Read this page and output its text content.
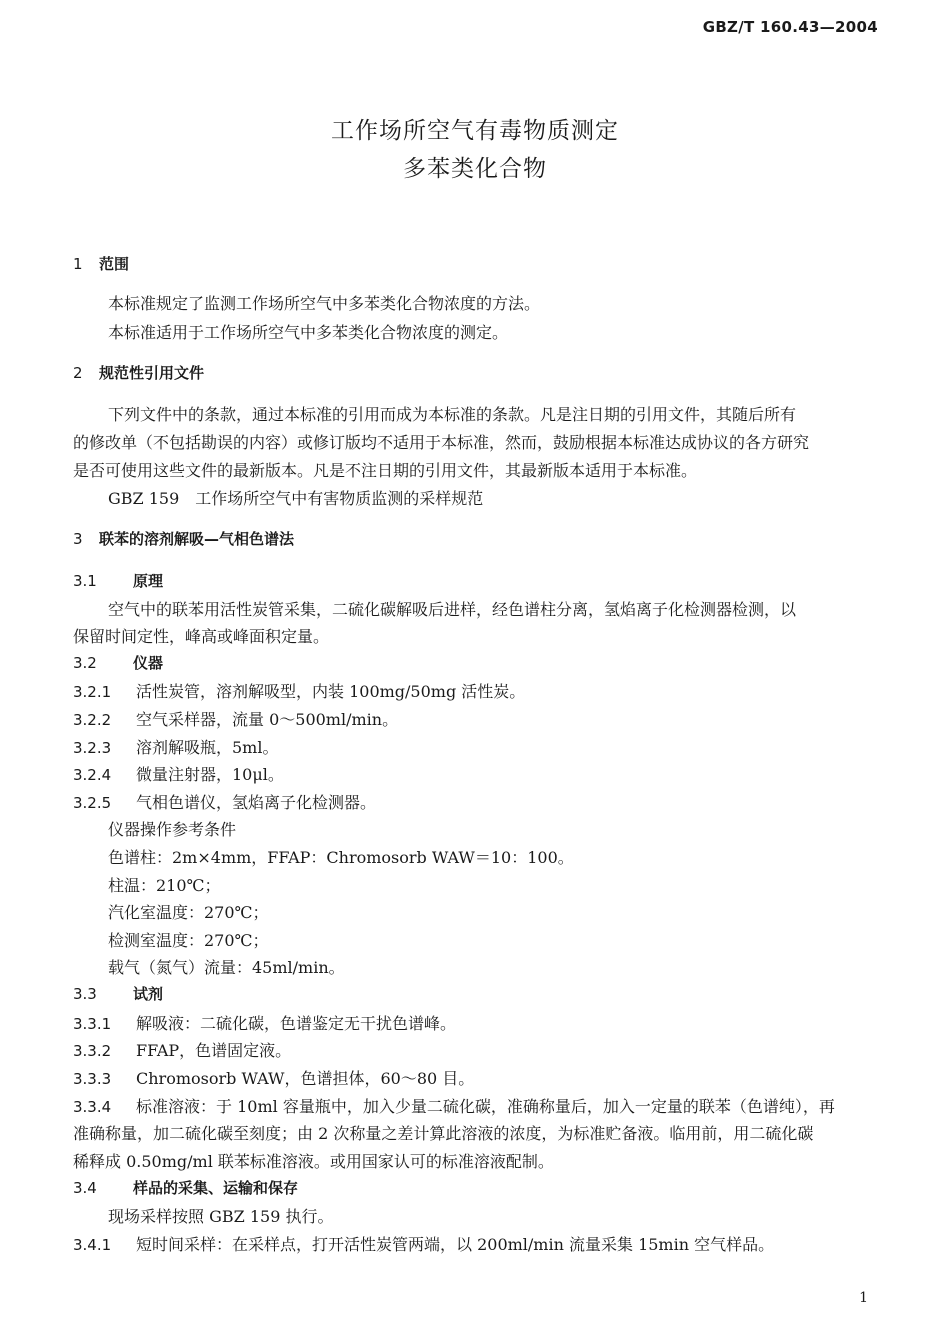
GBZ/T 160.43—2004
工作场所空气有毒物质测定
多苯类化合物
1 范围
本标准规定了监测工作场所空气中多苯类化合物浓度的方法。
本标准适用于工作场所空气中多苯类化合物浓度的测定。
2 规范性引用文件
下列文件中的条款，通过本标准的引用而成为本标准的条款。凡是注日期的引用文件，其随后所有
的修改单（不包括勘误的内容）或修订版均不适用于本标准，然而，鼓励根据本标准达成协议的各方研究
是否可使用这些文件的最新版本。凡是不注日期的引用文件，其最新版本适用于本标准。
GBZ 159　工作场所空气中有害物质监测的采样规范
3 联苯的溶剂解吸—气相色谱法
3.1 原理
空气中的联苯用活性炭管采集，二硫化碳解吸后进样，经色谱柱分离，氢焰离子化检测器检测，以
保留时间定性，峰高或峰面积定量。
3.2 仪器
3.2.1 活性炭管，溶剂解吸型，内装 100mg/50mg 活性炭。
3.2.2 空气采样器，流量 0～500ml/min。
3.2.3 溶剂解吸瓶，5ml。
3.2.4 微量注射器，10μl。
3.2.5 气相色谱仪，氢焰离子化检测器。
仪器操作参考条件
色谱柱：2m×4mm，FFAP：Chromosorb WAW＝10：100。
柱温：210℃；
汽化室温度：270℃；
检测室温度：270℃；
载气（氮气）流量：45ml/min。
3.3 试剂
3.3.1 解吸液：二硫化碳，色谱鉴定无干扰色谱峰。
3.3.2 FFAP，色谱固定液。
3.3.3 Chromosorb WAW，色谱担体，60～80 目。
3.3.4 标准溶液：于 10ml 容量瓶中，加入少量二硫化碳，准确称量后，加入一定量的联苯（色谱纯），再
准确称量，加二硫化碳至刻度；由 2 次称量之差计算此溶液的浓度，为标准贮备液。临用前，用二硫化碳
稀释成 0.50mg/ml 联苯标准溶液。或用国家认可的标准溶液配制。
3.4 样品的采集、运输和保存
现场采样按照 GBZ 159 执行。
3.4.1 短时间采样：在采样点，打开活性炭管两端，以 200ml/min 流量采集 15min 空气样品。
1
